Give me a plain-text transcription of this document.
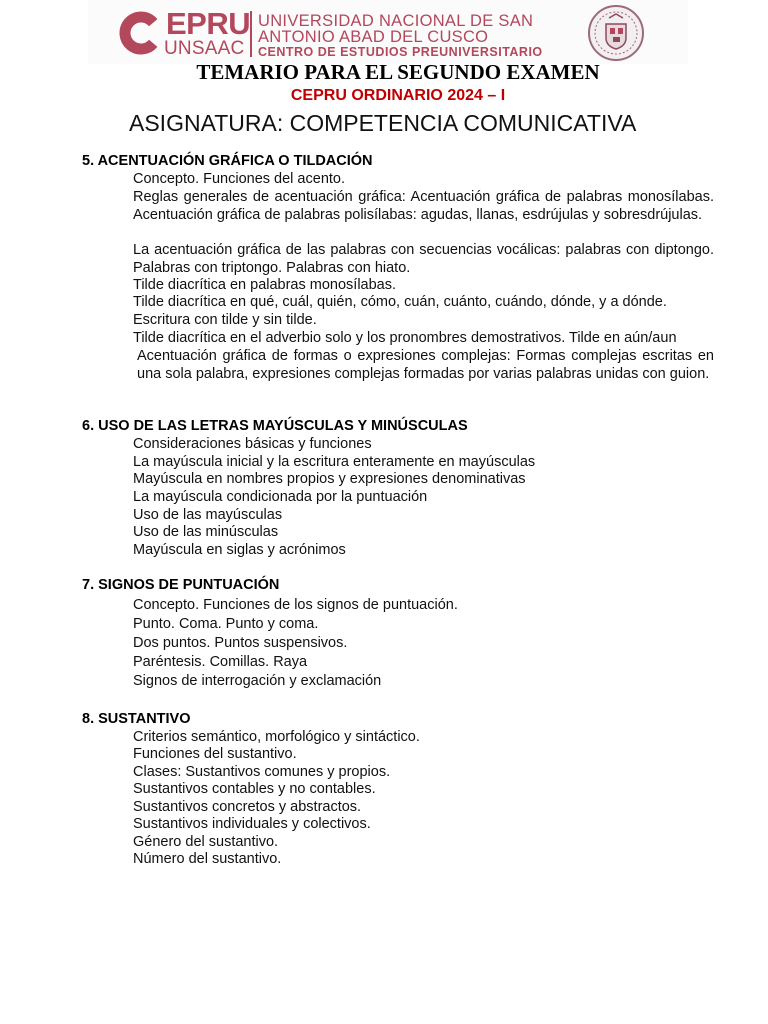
EPRU
UNSAAC
UNIVERSIDAD NACIONAL DE SAN
ANTONIO ABAD DEL CUSCO
CENTRO DE ESTUDIOS PREUNIVERSITARIO
TEMARIO PARA EL SEGUNDO EXAMEN
CEPRU ORDINARIO 2024 – I
ASIGNATURA: COMPETENCIA COMUNICATIVA
5. ACENTUACIÓN GRÁFICA O TILDACIÓN

Concepto. Funciones del acento.

Reglas generales de acentuación gráfica: Acentuación gráfica de palabras monosílabas. Acentuación gráfica de palabras polisílabas: agudas, llanas, esdrújulas y sobresdrújulas.

La acentuación gráfica de las palabras con secuencias vocálicas: palabras con diptongo. Palabras con triptongo. Palabras con hiato.

Tilde diacrítica en palabras monosílabas.

Tilde diacrítica en qué, cuál, quién, cómo, cuán, cuánto, cuándo, dónde, y a dónde.

Escritura con tilde y sin tilde.

Tilde diacrítica en el adverbio solo y los pronombres demostrativos. Tilde en aún/aun

Acentuación gráfica de formas o expresiones complejas: Formas complejas escritas en una sola palabra, expresiones complejas formadas por varias palabras unidas con guion.

6. USO DE LAS LETRAS MAYÚSCULAS Y MINÚSCULAS

Consideraciones básicas y funciones

La mayúscula inicial y la escritura enteramente en mayúsculas

Mayúscula en nombres propios y expresiones denominativas

La mayúscula condicionada por la puntuación

Uso de las mayúsculas

Uso de las minúsculas

Mayúscula en siglas y acrónimos

7. SIGNOS DE PUNTUACIÓN

Concepto. Funciones de los signos de puntuación.

Punto. Coma. Punto y coma.

Dos puntos. Puntos suspensivos.

Paréntesis. Comillas. Raya

Signos de interrogación y exclamación

8. SUSTANTIVO

Criterios semántico, morfológico y sintáctico.

Funciones del sustantivo.

Clases: Sustantivos comunes y propios.

Sustantivos contables y no contables.

Sustantivos concretos y abstractos.

Sustantivos individuales y colectivos.

Género del sustantivo.

Número del sustantivo.
